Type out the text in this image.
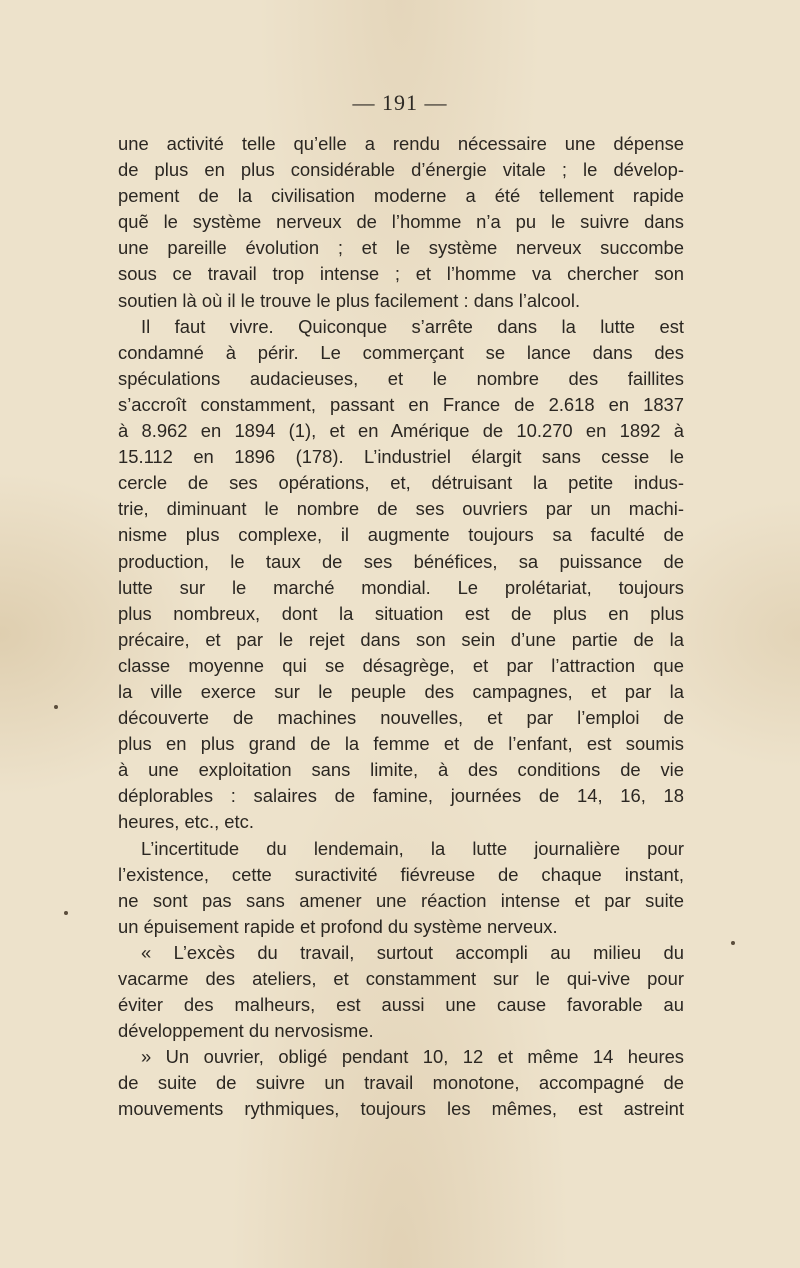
— 191 —
une activité telle qu’elle a rendu nécessaire une dépense
de plus en plus considérable d’énergie vitale ; le dévelop-
pement de la civilisation moderne a été tellement rapide
quẽ le système nerveux de l’homme n’a pu le suivre dans
une pareille évolution ; et le système nerveux succombe
sous ce travail trop intense ; et l’homme va chercher son
soutien là où il le trouve le plus facilement : dans l’alcool.
Il faut vivre. Quiconque s’arrête dans la lutte est
condamné à périr. Le commerçant se lance dans des
spéculations audacieuses, et le nombre des faillites
s’accroît constamment, passant en France de 2.618 en 1837
à 8.962 en 1894 (1), et en Amérique de 10.270 en 1892 à
15.112 en 1896 (178). L’industriel élargit sans cesse le
cercle de ses opérations, et, détruisant la petite indus-
trie, diminuant le nombre de ses ouvriers par un machi-
nisme plus complexe, il augmente toujours sa faculté de
production, le taux de ses bénéfices, sa puissance de
lutte sur le marché mondial. Le prolétariat, toujours
plus nombreux, dont la situation est de plus en plus
précaire, et par le rejet dans son sein d’une partie de la
classe moyenne qui se désagrège, et par l’attraction que
la ville exerce sur le peuple des campagnes, et par la
découverte de machines nouvelles, et par l’emploi de
plus en plus grand de la femme et de l’enfant, est soumis
à une exploitation sans limite, à des conditions de vie
déplorables : salaires de famine, journées de 14, 16, 18
heures, etc., etc.
L’incertitude du lendemain, la lutte journalière pour
l’existence, cette suractivité fiévreuse de chaque instant,
ne sont pas sans amener une réaction intense et par suite
un épuisement rapide et profond du système nerveux.
« L’excès du travail, surtout accompli au milieu du
vacarme des ateliers, et constamment sur le qui-vive pour
éviter des malheurs, est aussi une cause favorable au
développement du nervosisme.
» Un ouvrier, obligé pendant 10, 12 et même 14 heures
de suite de suivre un travail monotone, accompagné de
mouvements rythmiques, toujours les mêmes, est astreint
